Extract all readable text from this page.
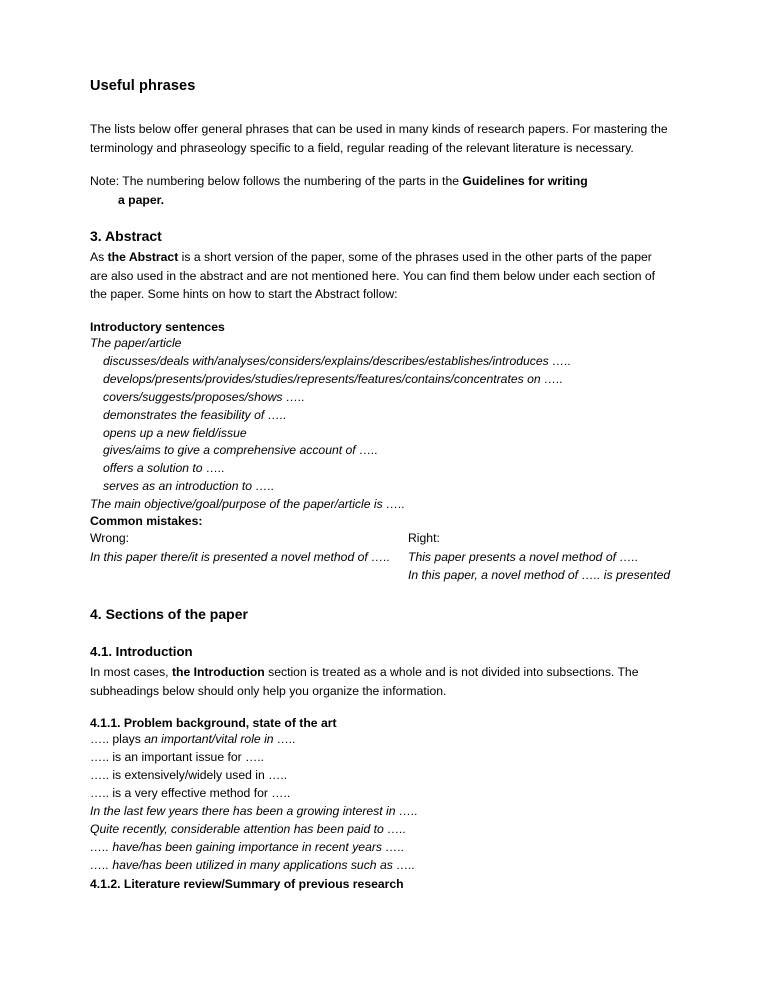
Useful phrases

The lists below offer general phrases that can be used in many kinds of research papers. For mastering the terminology and phraseology specific to a field, regular reading of the relevant literature is necessary.

Note: The numbering below follows the numbering of the parts in the Guidelines for writing
a paper.

3. Abstract

As the Abstract is a short version of the paper, some of the phrases used in the other parts of the paper are also used in the abstract and are not mentioned here. You can find them below under each section of the paper. Some hints on how to start the Abstract follow:

Introductory sentences
The paper/article
discusses/deals with/analyses/considers/explains/describes/establishes/introduces …..
develops/presents/provides/studies/represents/features/contains/concentrates on …..
covers/suggests/proposes/shows …..
demonstrates the feasibility of …..
opens up a new field/issue
gives/aims to give a comprehensive account of …..
offers a solution to …..
serves as an introduction to …..
The main objective/goal/purpose of the paper/article is …..
Common mistakes:
Wrong:
In this paper there/it is presented a novel method of …..
Right:
This paper presents a novel method of …..
In this paper, a novel method of ….. is presented
4. Sections of the paper
4.1. Introduction

In most cases, the Introduction section is treated as a whole and is not divided into subsections. The subheadings below should only help you organize the information.

4.1.1. Problem background, state of the art
….. plays an important/vital role in …..
….. is an important issue for …..
….. is extensively/widely used in …..
….. is a very effective method for …..
In the last few years there has been a growing interest in …..
Quite recently, considerable attention has been paid to …..
….. have/has been gaining importance in recent years …..
….. have/has been utilized in many applications such as …..
4.1.2. Literature review/Summary of previous research
